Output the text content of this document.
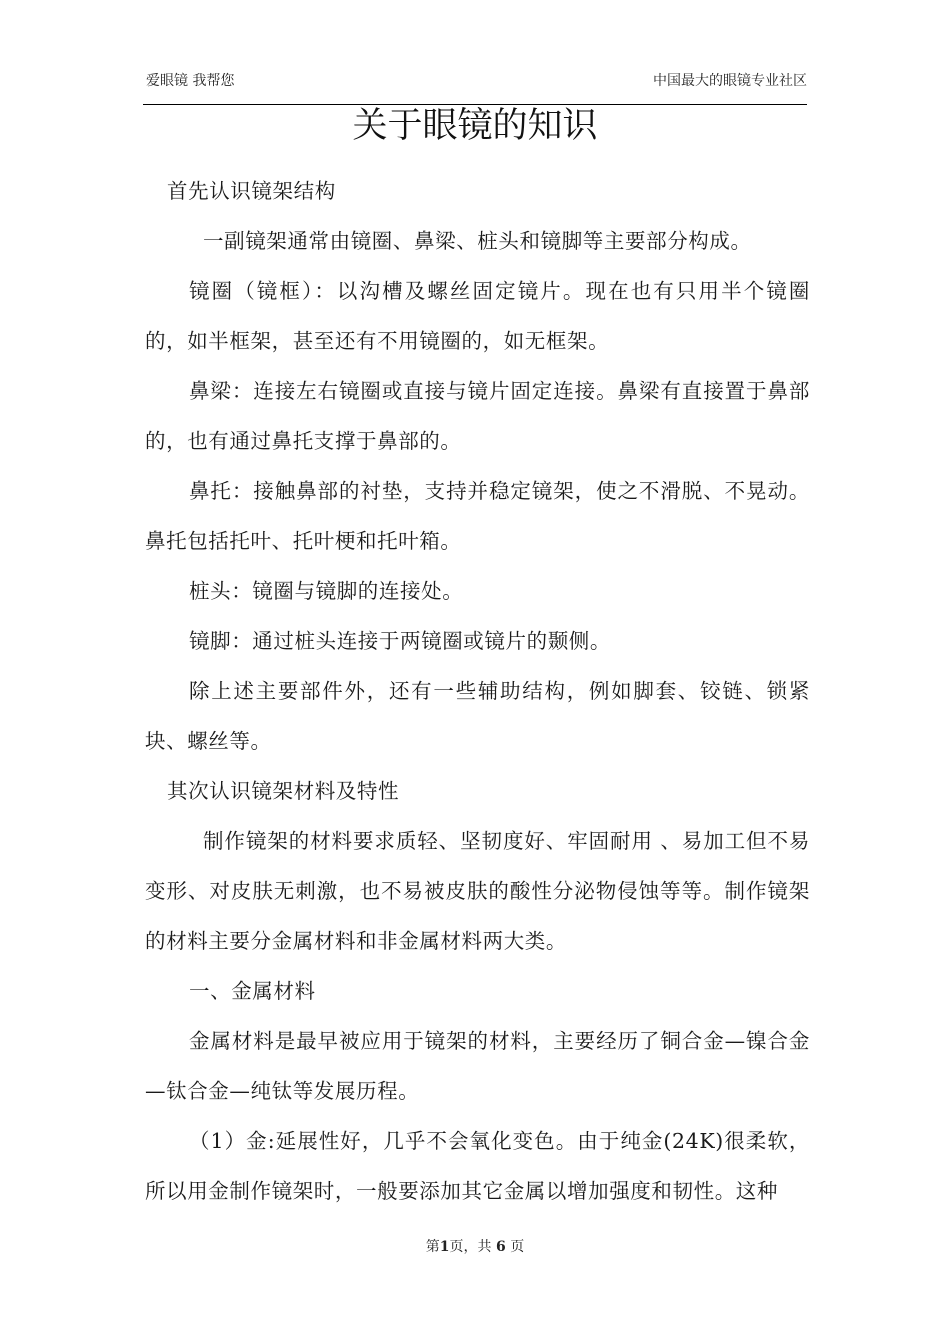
爱眼镜 我帮您	中国最大的眼镜专业社区
关于眼镜的知识

首先认识镜架结构

一副镜架通常由镜圈、鼻梁、桩头和镜脚等主要部分构成。

镜圈（镜框）：以沟槽及螺丝固定镜片。现在也有只用半个镜圈的，如半框架，甚至还有不用镜圈的，如无框架。

鼻梁：连接左右镜圈或直接与镜片固定连接。鼻梁有直接置于鼻部的，也有通过鼻托支撑于鼻部的。

鼻托：接触鼻部的衬垫，支持并稳定镜架，使之不滑脱、不晃动。鼻托包括托叶、托叶梗和托叶箱。

桩头：镜圈与镜脚的连接处。

镜脚：通过桩头连接于两镜圈或镜片的颞侧。

除上述主要部件外，还有一些辅助结构，例如脚套、铰链、锁紧块、螺丝等。

其次认识镜架材料及特性

制作镜架的材料要求质轻、坚韧度好、牢固耐用 、易加工但不易变形、对皮肤无刺激，也不易被皮肤的酸性分泌物侵蚀等等。制作镜架的材料主要分金属材料和非金属材料两大类。

一、金属材料

金属材料是最早被应用于镜架的材料，主要经历了铜合金—镍合金—钛合金—纯钛等发展历程。

（1）金:延展性好，几乎不会氧化变色。由于纯金(24K)很柔软，所以用金制作镜架时，一般要添加其它金属以增加强度和韧性。这种

第1页，共 6 页
